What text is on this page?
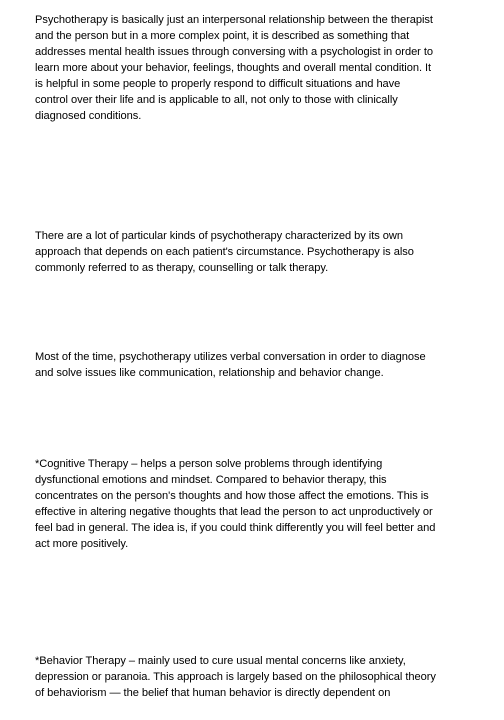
Psychotherapy is basically just an interpersonal relationship between the therapist
and the person but in a more complex point, it is described as something that
addresses mental health issues through conversing with a psychologist in order to
learn more about your behavior, feelings, thoughts and overall mental condition. It
is helpful in some people to properly respond to difficult situations and have
control over their life and is applicable to all, not only to those with clinically
diagnosed conditions.

There are a lot of particular kinds of psychotherapy characterized by its own
approach that depends on each patient's circumstance. Psychotherapy is also
commonly referred to as therapy, counselling or talk therapy.

Most of the time, psychotherapy utilizes verbal conversation in order to diagnose
and solve issues like communication, relationship and behavior change.

*Cognitive Therapy – helps a person solve problems through identifying
dysfunctional emotions and mindset. Compared to behavior therapy, this
concentrates on the person's thoughts and how those affect the emotions. This is
effective in altering negative thoughts that lead the person to act unproductively or
feel bad in general. The idea is, if you could think differently you will feel better and
act more positively.

*Behavior Therapy – mainly used to cure usual mental concerns like anxiety,
depression or paranoia. This approach is largely based on the philosophical theory
of behaviorism — the belief that human behavior is directly dependent on
